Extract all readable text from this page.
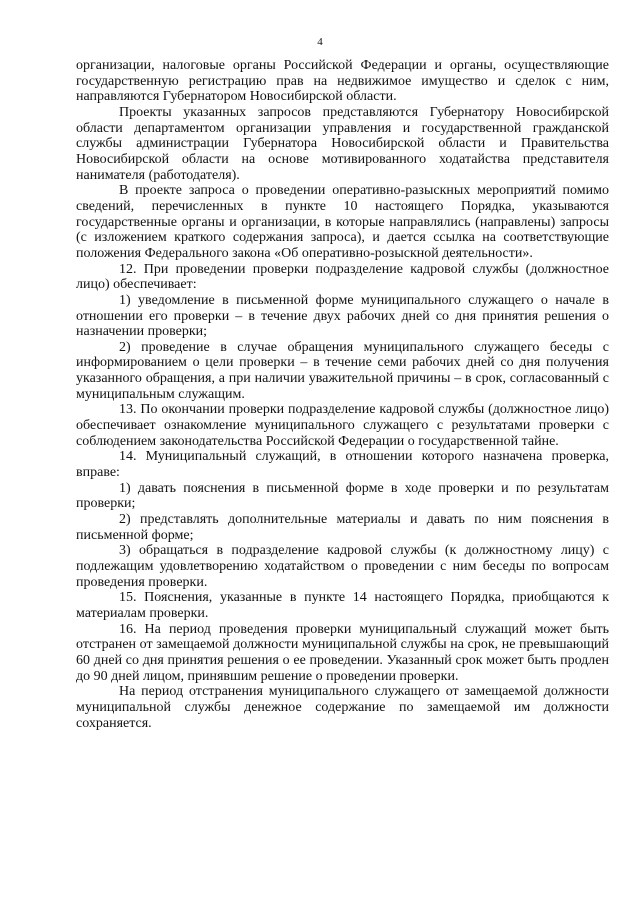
4

организации, налоговые органы Российской Федерации и органы, осуществляющие государственную регистрацию прав на недвижимое имущество и сделок с ним, направляются Губернатором Новосибирской области.

Проекты указанных запросов представляются Губернатору Новосибирской области департаментом организации управления и государственной гражданской службы администрации Губернатора Новосибирской области и Правительства Новосибирской области на основе мотивированного ходатайства представителя нанимателя (работодателя).

В проекте запроса о проведении оперативно-разыскных мероприятий помимо сведений, перечисленных в пункте 10 настоящего Порядка, указываются государственные органы и организации, в которые направлялись (направлены) запросы (с изложением краткого содержания запроса), и дается ссылка на соответствующие положения Федерального закона «Об оперативно-розыскной деятельности».

12. При проведении проверки подразделение кадровой службы (должностное лицо) обеспечивает:

1) уведомление в письменной форме муниципального служащего о начале в отношении его проверки – в течение двух рабочих дней со дня принятия решения о назначении проверки;

2) проведение в случае обращения муниципального служащего беседы с информированием о цели проверки – в течение семи рабочих дней со дня получения указанного обращения, а при наличии уважительной причины – в срок, согласованный с муниципальным служащим.

13. По окончании проверки подразделение кадровой службы (должностное лицо) обеспечивает ознакомление муниципального служащего с результатами проверки с соблюдением законодательства Российской Федерации о государственной тайне.

14. Муниципальный служащий, в отношении которого назначена проверка, вправе:

1) давать пояснения в письменной форме в ходе проверки и по результатам проверки;

2) представлять дополнительные материалы и давать по ним пояснения в письменной форме;

3) обращаться в подразделение кадровой службы (к должностному лицу) с подлежащим удовлетворению ходатайством о проведении с ним беседы по вопросам проведения проверки.

15. Пояснения, указанные в пункте 14 настоящего Порядка, приобщаются к материалам проверки.

16. На период проведения проверки муниципальный служащий может быть отстранен от замещаемой должности муниципальной службы на срок, не превышающий 60 дней со дня принятия решения о ее проведении. Указанный срок может быть продлен до 90 дней лицом, принявшим решение о проведении проверки.

На период отстранения муниципального служащего от замещаемой должности муниципальной службы денежное содержание по замещаемой им должности сохраняется.
